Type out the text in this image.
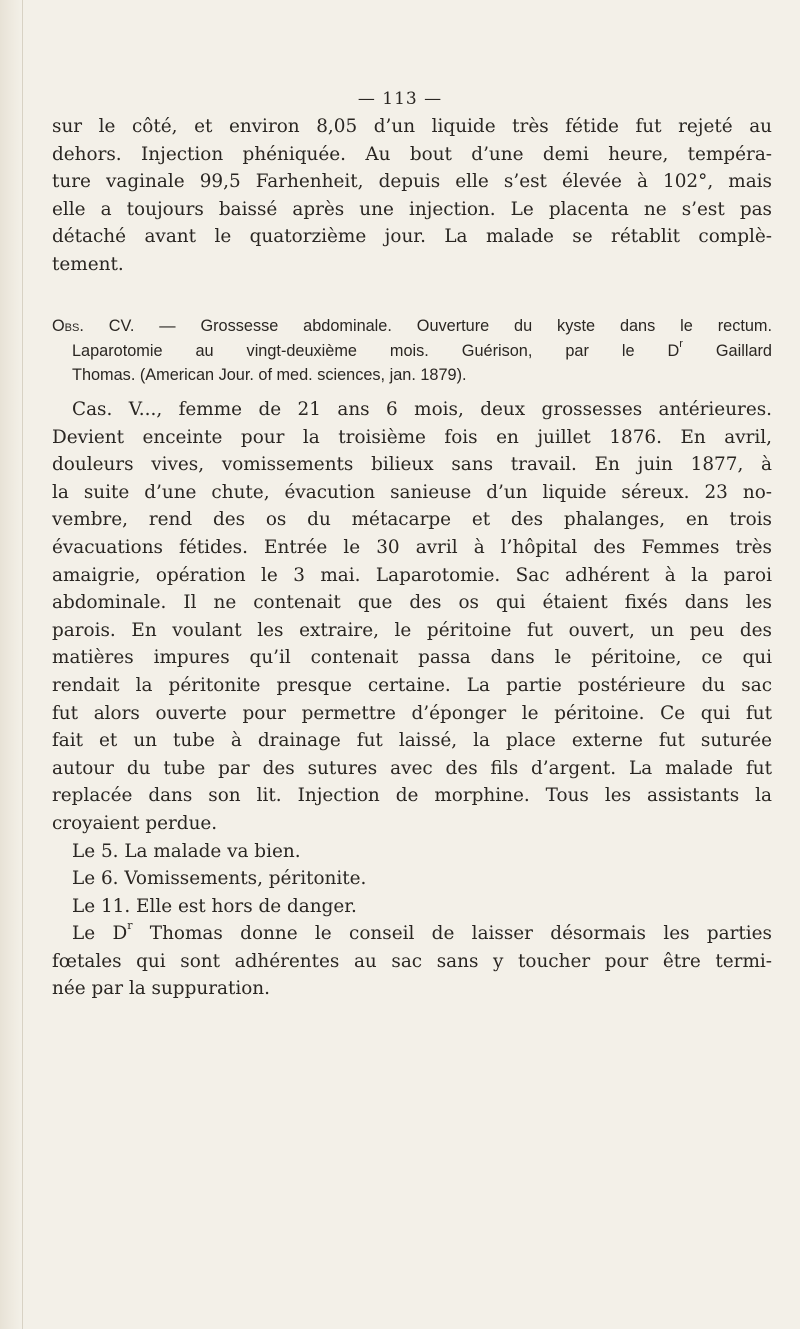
— 113 —
sur le côté, et environ 8,05 d’un liquide très fétide fut rejeté au
dehors. Injection phéniquée. Au bout d’une demi heure, tempéra-
ture vaginale 99,5 Farhenheit, depuis elle s’est élevée à 102°, mais
elle a toujours baissé après une injection. Le placenta ne s’est pas
détaché avant le quatorzième jour. La malade se rétablit complè-
tement.
Obs. CV. — Grossesse abdominale. Ouverture du kyste dans le rectum.
Laparotomie au vingt-deuxième mois. Guérison, par le $D^r$ Gaillard
Thomas. (American Jour. of med. sciences, jan. 1879).
Cas. V..., femme de 21 ans 6 mois, deux grossesses antérieures.
Devient enceinte pour la troisième fois en juillet 1876. En avril,
douleurs vives, vomissements bilieux sans travail. En juin 1877, à
la suite d’une chute, évacution sanieuse d’un liquide séreux. 23 no-
vembre, rend des os du métacarpe et des phalanges, en trois
évacuations fétides. Entrée le 30 avril à l’hôpital des Femmes très
amaigrie, opération le 3 mai. Laparotomie. Sac adhérent à la paroi
abdominale. Il ne contenait que des os qui étaient fixés dans les
parois. En voulant les extraire, le péritoine fut ouvert, un peu des
matières impures qu’il contenait passa dans le péritoine, ce qui
rendait la péritonite presque certaine. La partie postérieure du sac
fut alors ouverte pour permettre d’éponger le péritoine. Ce qui fut
fait et un tube à drainage fut laissé, la place externe fut suturée
autour du tube par des sutures avec des fils d’argent. La malade fut
replacée dans son lit. Injection de morphine. Tous les assistants la
croyaient perdue.
Le 5. La malade va bien.
Le 6. Vomissements, péritonite.
Le 11. Elle est hors de danger.
Le $D^r$ Thomas donne le conseil de laisser désormais les parties
fœtales qui sont adhérentes au sac sans y toucher pour être termi-
née par la suppuration.
